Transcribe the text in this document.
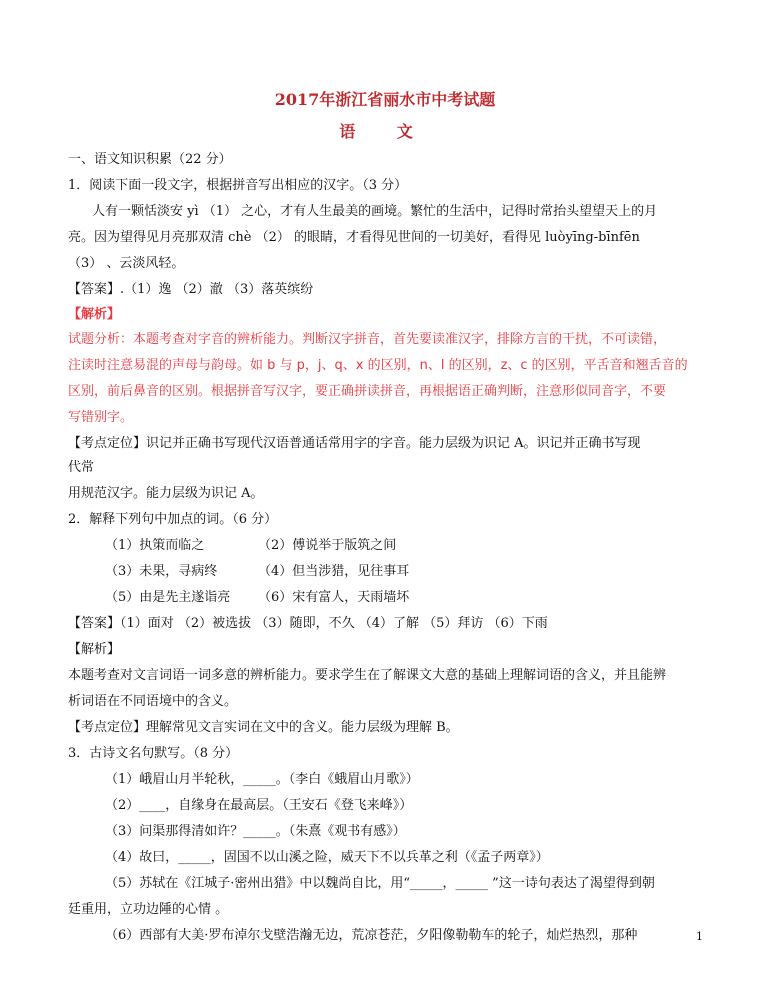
2017年浙江省丽水市中考试题
语 文
一、语文知识积累（22 分）
1．阅读下面一段文字，根据拼音写出相应的汉字。（3 分）
人有一颗恬淡安 yì （1） 之心，才有人生最美的画境。繁忙的生活中，记得时常抬头望望天上的月
亮。因为望得见月亮那双清 chè （2） 的眼睛，才看得见世间的一切美好，看得见 luòyīng-bīnfēn
（3） 、云淡风轻。
【答案】.（1）逸 （2）澈 （3）落英缤纷
【解析】
试题分析：本题考查对字音的辨析能力。判断汉字拼音，首先要读准汉字，排除方言的干扰，不可读错，
注读时注意易混的声母与韵母。如 b 与 p，j、q、x 的区别，n、l 的区别，z、c 的区别，平舌音和翘舌音的
区别，前后鼻音的区别。根据拼音写汉字，要正确拼读拼音，再根据语正确判断，注意形似同音字，不要
写错别字。
【考点定位】识记并正确书写现代汉语普通话常用字的字音。能力层级为识记 A。识记并正确书写现
代常
用规范汉字。能力层级为识记 A。
2．解释下列句中加点的词。（6 分）
（1）执策而临之	（2）傅说举于版筑之间
（3）未果，寻病终	（4）但当涉猎，见往事耳
（5）由是先主遂诣亮	（6）宋有富人，天雨墙坏
【答案】（1）面对 （2）被选拔 （3）随即，不久 （4）了解 （5）拜访 （6）下雨
【解析】
本题考查对文言词语一词多意的辨析能力。要求学生在了解课文大意的基础上理解词语的含义，并且能辨
析词语在不同语境中的含义。
【考点定位】理解常见文言实词在文中的含义。能力层级为理解 B。
3．古诗文名句默写。（8 分）
（1）峨眉山月半轮秋，_____。（李白《蛾眉山月歌》）
（2）____，自缘身在最高层。（王安石《登飞来峰》）
（3）问渠那得清如许？_____。（朱熹《观书有感》）
（4）故曰，_____，固国不以山溪之险，威天下不以兵革之利（《孟子两章》）
（5）苏轼在《江城子·密州出猎》中以魏尚自比，用“_____，_____ ”这一诗句表达了渴望得到朝
廷重用，立功边陲的心情 。
（6）西部有大美·罗布淖尔戈壁浩瀚无边，荒凉苍茫，夕阳像勒勒车的轮子，灿烂热烈，那种	1
